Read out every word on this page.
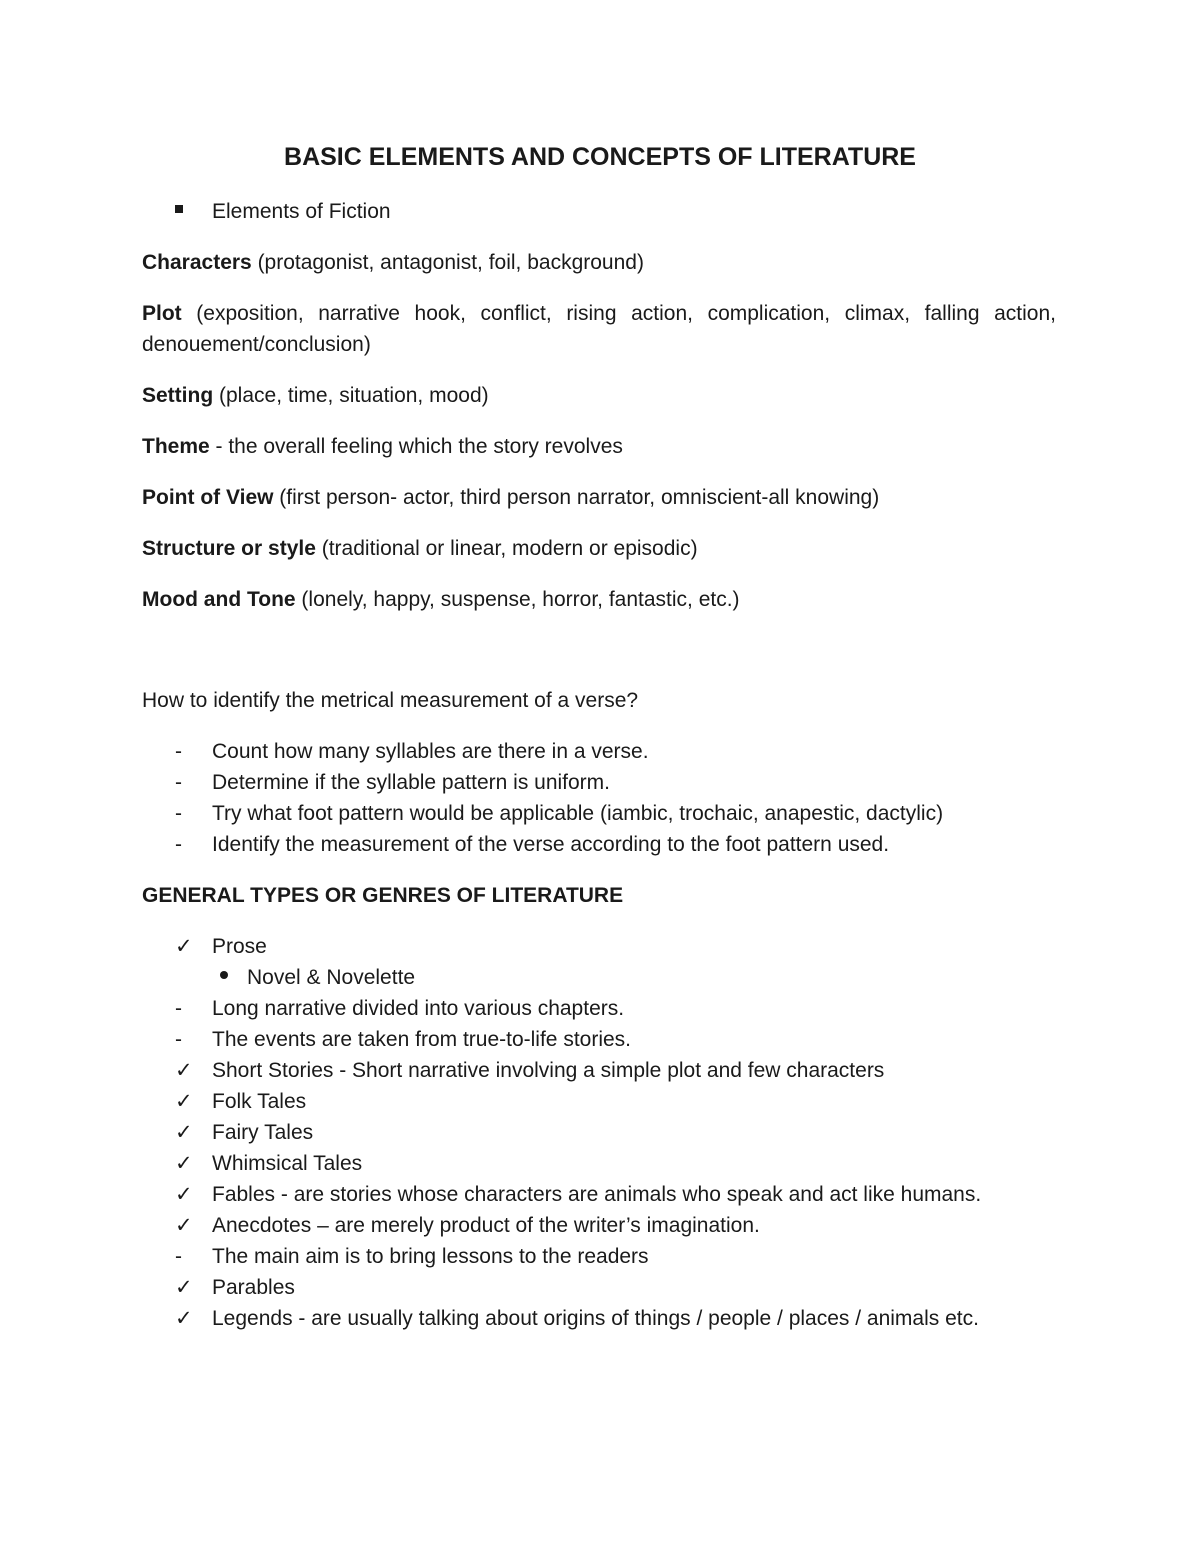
BASIC ELEMENTS AND CONCEPTS OF LITERATURE
Elements of Fiction
Characters (protagonist, antagonist, foil, background)
Plot (exposition, narrative hook, conflict, rising action, complication, climax, falling action, denouement/conclusion)
Setting (place, time, situation, mood)
Theme - the overall feeling which the story revolves
Point of View (first person- actor, third person narrator, omniscient-all knowing)
Structure or style (traditional or linear, modern or episodic)
Mood and Tone (lonely, happy, suspense, horror, fantastic, etc.)
How to identify the metrical measurement of a verse?
-	Count how many syllables are there in a verse.
-	Determine if the syllable pattern is uniform.
-	Try what foot pattern would be applicable (iambic, trochaic, anapestic, dactylic)
-	Identify the measurement of the verse according to the foot pattern used.
GENERAL TYPES OR GENRES OF LITERATURE
✓ Prose
Novel & Novelette
-	Long narrative divided into various chapters.
-	The events are taken from true-to-life stories.
✓ Short Stories - Short narrative involving a simple plot and few characters
✓ Folk Tales
✓ Fairy Tales
✓ Whimsical Tales
✓ Fables - are stories whose characters are animals who speak and act like humans.
✓ Anecdotes – are merely product of the writer’s imagination.
-	The main aim is to bring lessons to the readers
✓ Parables
✓ Legends - are usually talking about origins of things / people / places / animals etc.
